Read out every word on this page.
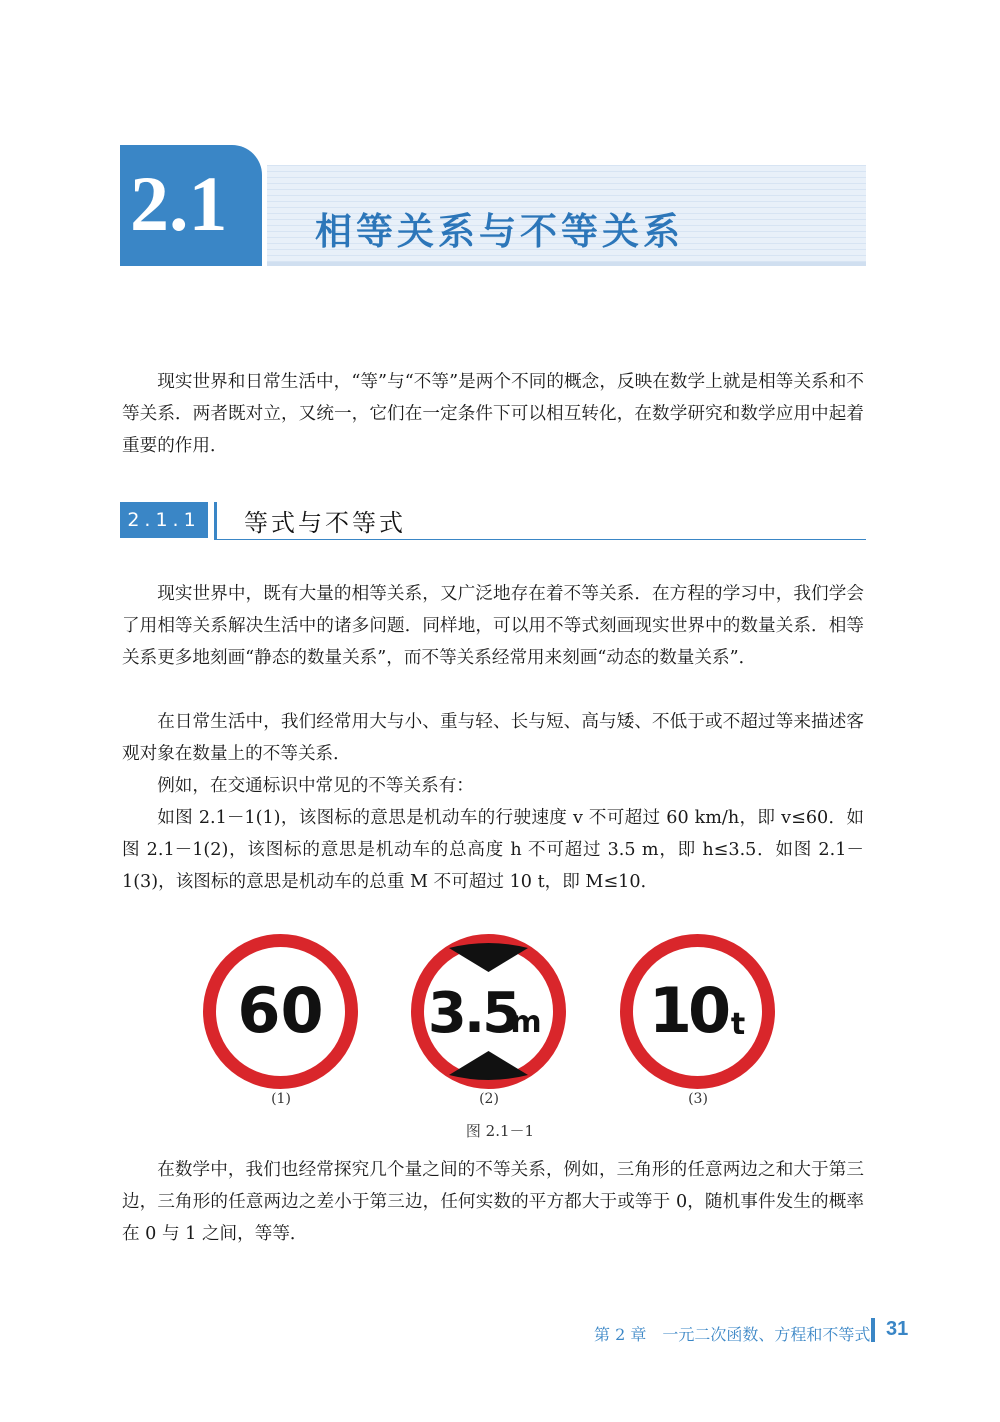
2.1 相等关系与不等关系

现实世界和日常生活中，“等”与“不等”是两个不同的概念，反映在数学上就是相等关系和不等关系．两者既对立，又统一，它们在一定条件下可以相互转化，在数学研究和数学应用中起着重要的作用．

2.1.1	等式与不等式

现实世界中，既有大量的相等关系，又广泛地存在着不等关系．在方程的学习中，我们学会了用相等关系解决生活中的诸多问题．同样地，可以用不等式刻画现实世界中的数量关系．相等关系更多地刻画“静态的数量关系”，而不等关系经常用来刻画“动态的数量关系”．

在日常生活中，我们经常用大与小、重与轻、长与短、高与矮、不低于或不超过等来描述客观对象在数量上的不等关系．

例如，在交通标识中常见的不等关系有：

如图 2.1－1(1)，该图标的意思是机动车的行驶速度 v 不可超过 60 km/h，即 v≤60．如图 2.1－1(2)，该图标的意思是机动车的总高度 h 不可超过 3.5 m，即 h≤3.5．如图 2.1－1(3)，该图标的意思是机动车的总重 M 不可超过 10 t，即 M≤10．

60 3.5
m 10 t
(1)	(2)	(3)
图 2.1－1

在数学中，我们也经常探究几个量之间的不等关系，例如，三角形的任意两边之和大于第三边，三角形的任意两边之差小于第三边，任何实数的平方都大于或等于 0，随机事件发生的概率在 0 与 1 之间，等等．

第 2 章　一元二次函数、方程和不等式 31
